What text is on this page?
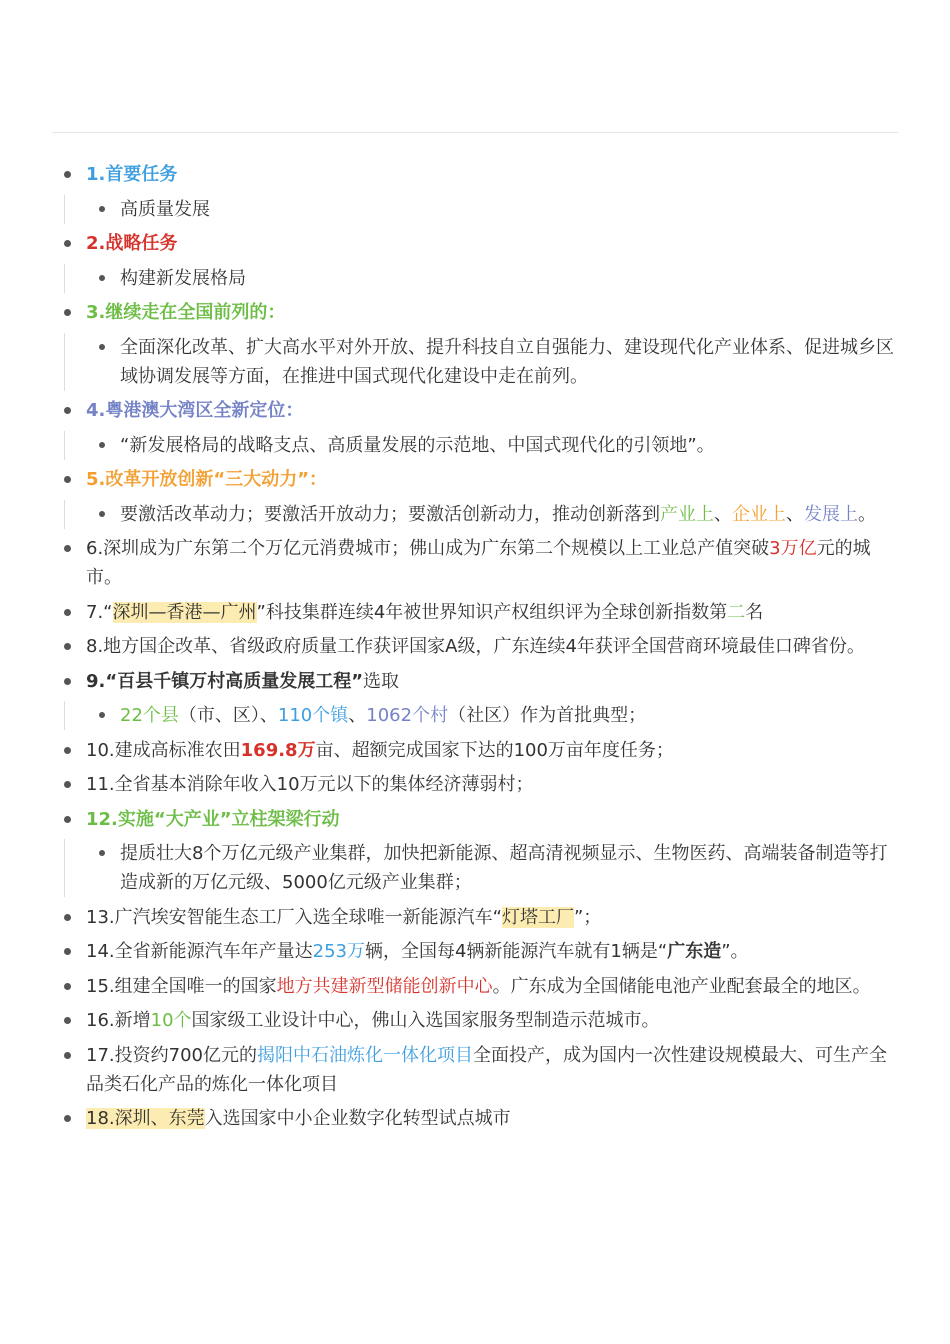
1.首要任务
高质量发展
2.战略任务
构建新发展格局
3.继续走在全国前列的：
全面深化改革、扩大高水平对外开放、提升科技自立自强能力、建设现代化产业体系、促进城乡区域协调发展等方面，在推进中国式现代化建设中走在前列。
4.粤港澳大湾区全新定位：
“新发展格局的战略支点、高质量发展的示范地、中国式现代化的引领地”。
5.改革开放创新“三大动力”：
要激活改革动力；要激活开放动力；要激活创新动力，推动创新落到产业上、企业上、发展上。
6.深圳成为广东第二个万亿元消费城市；佛山成为广东第二个规模以上工业总产值突破3万亿元的城市。
7.“深圳—香港—广州”科技集群连续4年被世界知识产权组织评为全球创新指数第二名
8.地方国企改革、省级政府质量工作获评国家A级，广东连续4年获评全国营商环境最佳口碑省份。
9.“百县千镇万村高质量发展工程”选取
22个县（市、区）、110个镇、1062个村（社区）作为首批典型；
10.建成高标准农田169.8万亩、超额完成国家下达的100万亩年度任务；
11.全省基本消除年收入10万元以下的集体经济薄弱村；
12.实施“大产业”立柱架梁行动
提质壮大8个万亿元级产业集群，加快把新能源、超高清视频显示、生物医药、高端装备制造等打造成新的万亿元级、5000亿元级产业集群；
13.广汽埃安智能生态工厂入选全球唯一新能源汽车“灯塔工厂”；
14.全省新能源汽车年产量达253万辆，全国每4辆新能源汽车就有1辆是“广东造”。
15.组建全国唯一的国家地方共建新型储能创新中心。广东成为全国储能电池产业配套最全的地区。
16.新增10个国家级工业设计中心，佛山入选国家服务型制造示范城市。
17.投资约700亿元的揭阳中石油炼化一体化项目全面投产，成为国内一次性建设规模最大、可生产全品类石化产品的炼化一体化项目
18.深圳、东莞入选国家中小企业数字化转型试点城市
